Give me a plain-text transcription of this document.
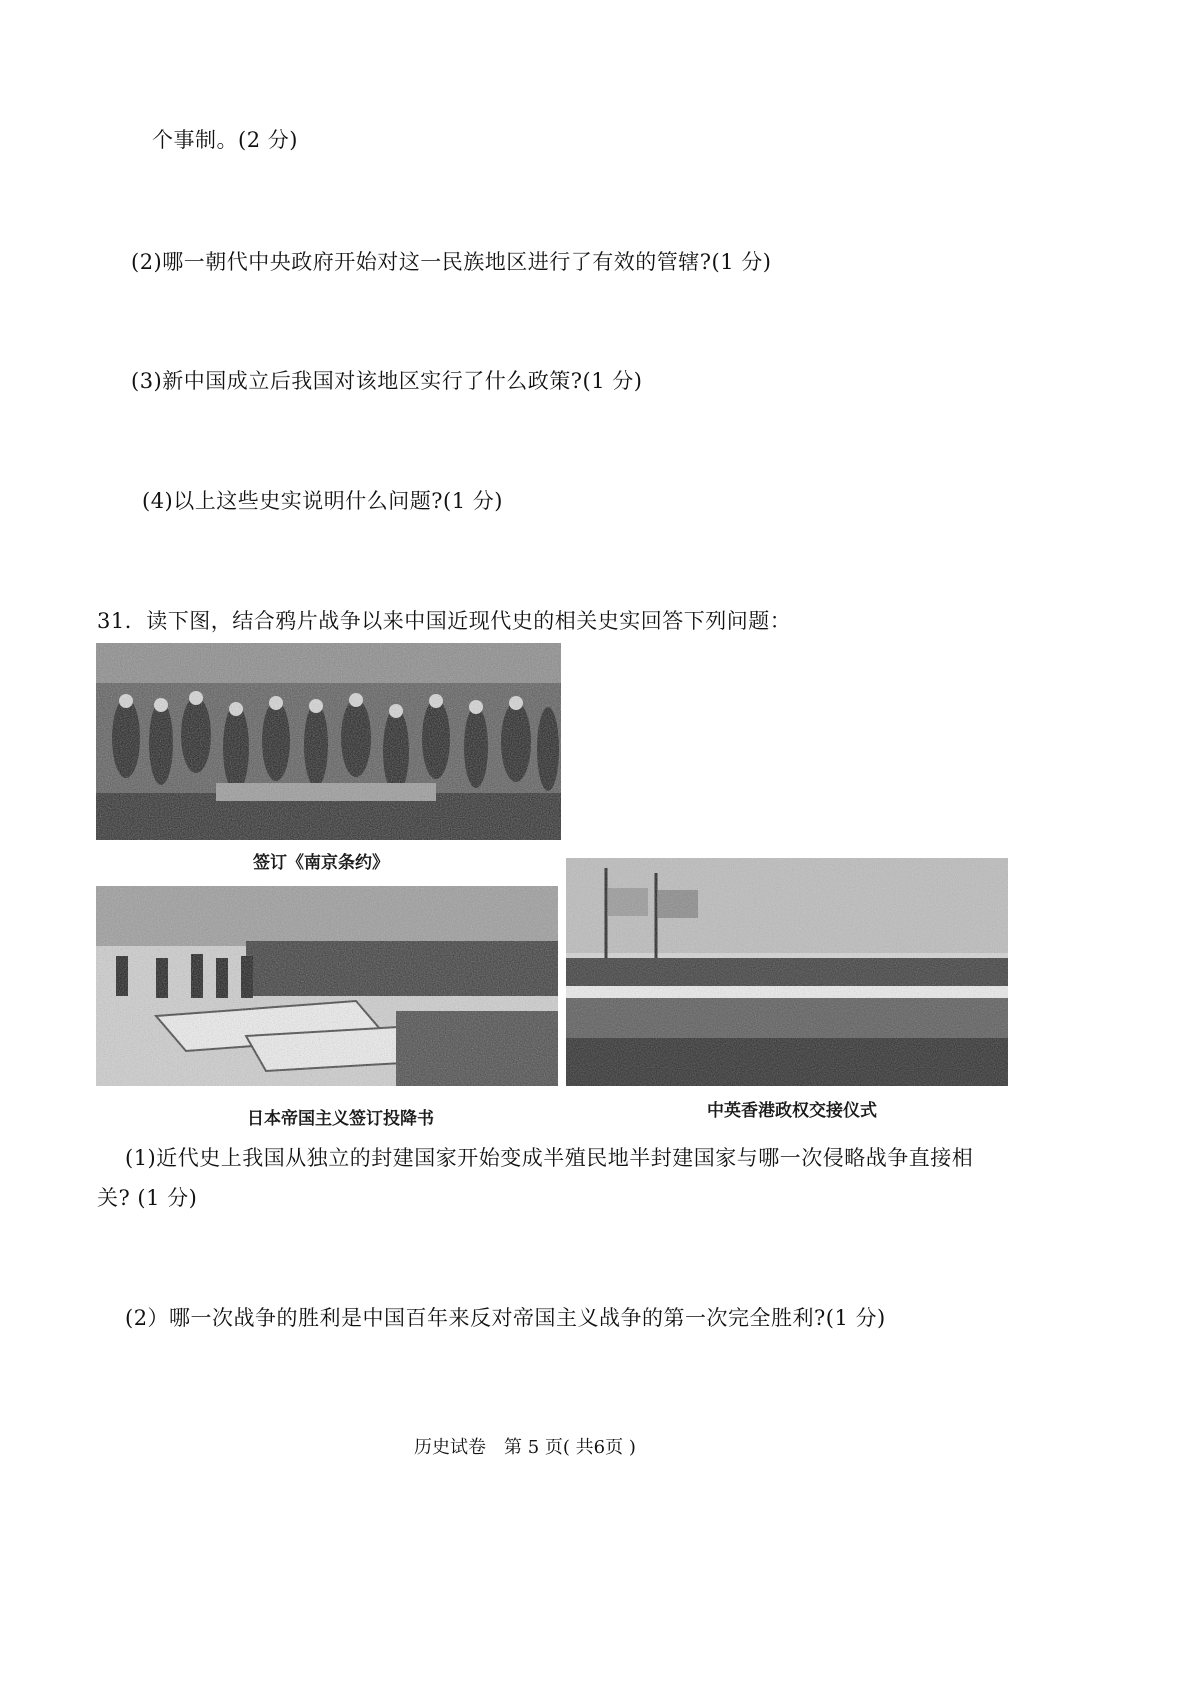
个事制。(2 分)
(2)哪一朝代中央政府开始对这一民族地区进行了有效的管辖?(1 分)
(3)新中国成立后我国对该地区实行了什么政策?(1 分)
(4)以上这些史实说明什么问题?(1 分)
31．读下图，结合鸦片战争以来中国近现代史的相关史实回答下列问题：
签订《南京条约》
日本帝国主义签订投降书	中英香港政权交接仪式
(1)近代史上我国从独立的封建国家开始变成半殖民地半封建国家与哪一次侵略战争直接相
关? (1 分)
(2）哪一次战争的胜利是中国百年来反对帝国主义战争的第一次完全胜利?(1 分)
历史试卷　第 5 页( 共6页 )
